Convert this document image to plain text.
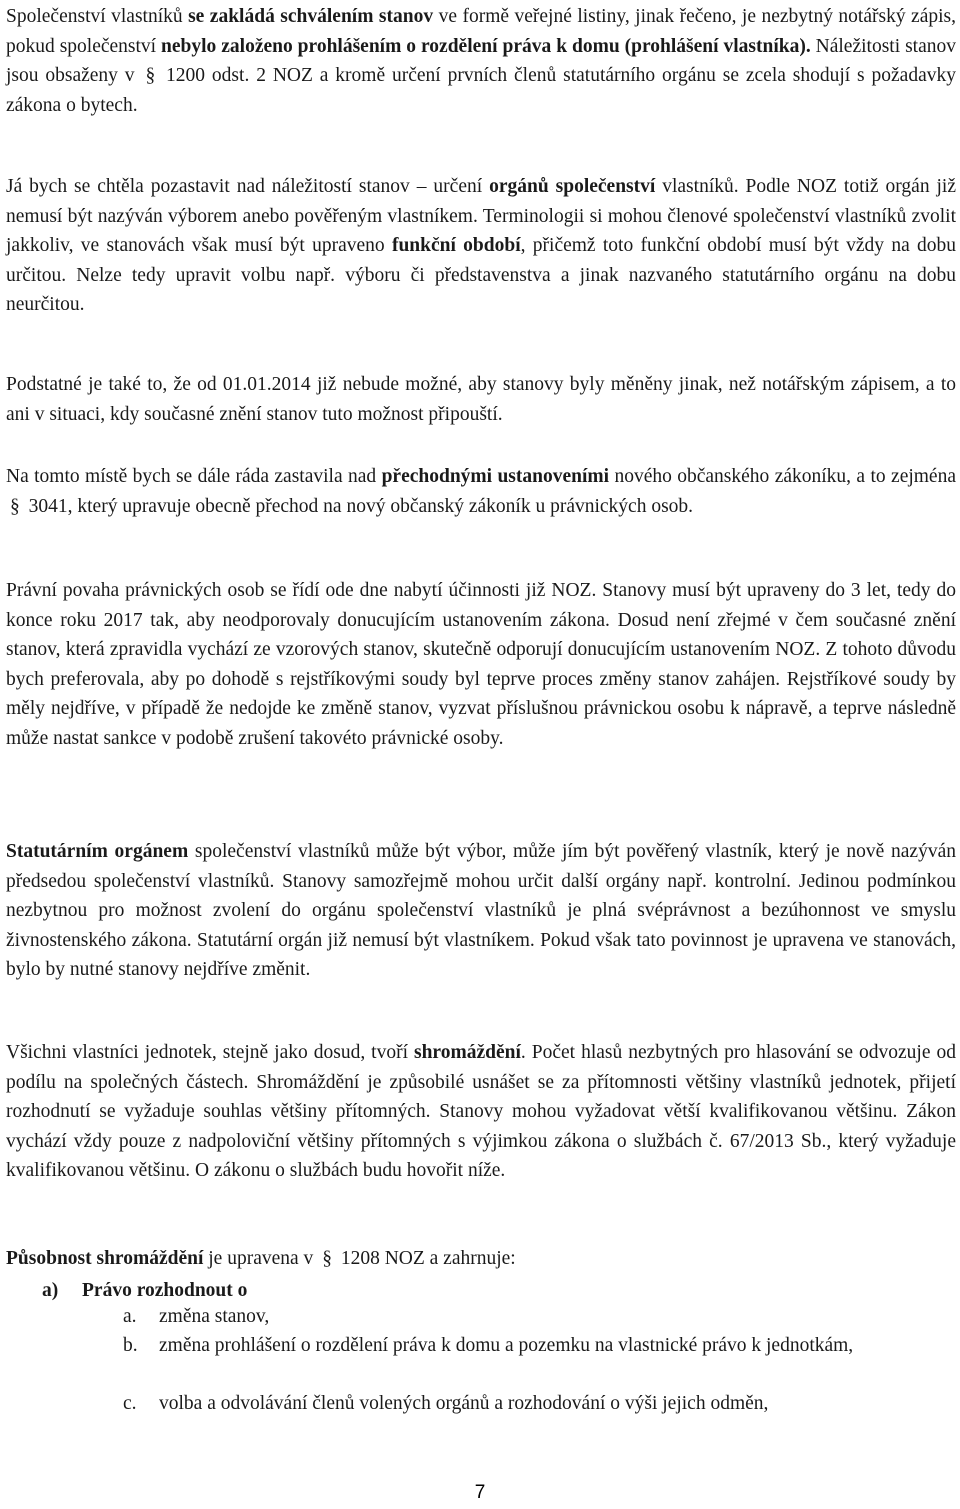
Společenství vlastníků se zakládá schválením stanov ve formě veřejné listiny, jinak řečeno, je nezbytný notářský zápis, pokud společenství nebylo založeno prohlášením o rozdělení práva k domu (prohlášení vlastníka). Náležitosti stanov jsou obsaženy v § 1200 odst. 2 NOZ a kromě určení prvních členů statutárního orgánu se zcela shodují s požadavky zákona o bytech.
Já bych se chtěla pozastavit nad náležitostí stanov – určení orgánů společenství vlastníků. Podle NOZ totiž orgán již nemusí být nazýván výborem anebo pověřeným vlastníkem. Terminologii si mohou členové společenství vlastníků zvolit jakkoliv, ve stanovách však musí být upraveno funkční období, přičemž toto funkční období musí být vždy na dobu určitou. Nelze tedy upravit volbu např. výboru či představenstva a jinak nazvaného statutárního orgánu na dobu neurčitou.
Podstatné je také to, že od 01.01.2014 již nebude možné, aby stanovy byly měněny jinak, než notářským zápisem, a to ani v situaci, kdy současné znění stanov tuto možnost připouští.
Na tomto místě bych se dále ráda zastavila nad přechodnými ustanoveními nového občanského zákoníku, a to zejména § 3041, který upravuje obecně přechod na nový občanský zákoník u právnických osob.
Právní povaha právnických osob se řídí ode dne nabytí účinnosti již NOZ. Stanovy musí být upraveny do 3 let, tedy do konce roku 2017 tak, aby neodporovaly donucujícím ustanovením zákona. Dosud není zřejmé v čem současné znění stanov, která zpravidla vychází ze vzorových stanov, skutečně odporují donucujícím ustanovením NOZ. Z tohoto důvodu bych preferovala, aby po dohodě s rejstříkovými soudy byl teprve proces změny stanov zahájen. Rejstříkové soudy by měly nejdříve, v případě že nedojde ke změně stanov, vyzvat příslušnou právnickou osobu k nápravě, a teprve následně může nastat sankce v podobě zrušení takovéto právnické osoby.
Statutárním orgánem společenství vlastníků může být výbor, může jím být pověřený vlastník, který je nově nazýván předsedou společenství vlastníků. Stanovy samozřejmě mohou určit další orgány např. kontrolní. Jedinou podmínkou nezbytnou pro možnost zvolení do orgánu společenství vlastníků je plná svéprávnost a bezúhonnost ve smyslu živnostenského zákona. Statutární orgán již nemusí být vlastníkem. Pokud však tato povinnost je upravena ve stanovách, bylo by nutné stanovy nejdříve změnit.
Všichni vlastníci jednotek, stejně jako dosud, tvoří shromáždění. Počet hlasů nezbytných pro hlasování se odvozuje od podílu na společných částech. Shromáždění je způsobilé usnášet se za přítomnosti většiny vlastníků jednotek, přijetí rozhodnutí se vyžaduje souhlas většiny přítomných. Stanovy mohou vyžadovat větší kvalifikovanou většinu. Zákon vychází vždy pouze z nadpoloviční většiny přítomných s výjimkou zákona o službách č. 67/2013 Sb., který vyžaduje kvalifikovanou většinu. O zákonu o službách budu hovořit níže.
Působnost shromáždění je upravena v § 1208 NOZ a zahrnuje:
a) Právo rozhodnout o
a.	změna stanov,
b.	změna prohlášení o rozdělení práva k domu a pozemku na vlastnické právo k jednotkám,
c.	volba a odvolávání členů volených orgánů a rozhodování o výši jejich odměn,
7
